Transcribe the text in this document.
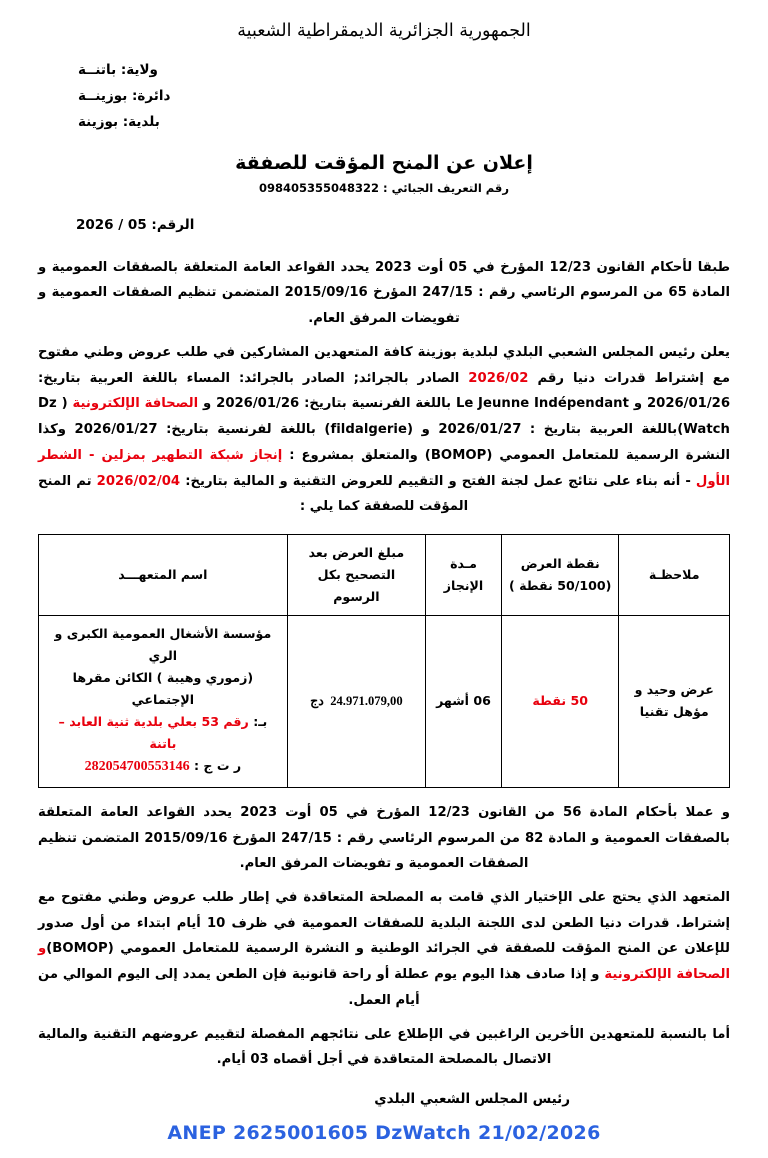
الجمهورية الجزائرية الديمقراطية الشعبية
ولاية: باتنــة
دائرة: بوزينــة
بلدية: بوزينة
إعلان عن المنح المؤقت للصفقة
رقم التعريف الجبائي : 098405355048322
الرقم: 05 / 2026

طبقا لأحكام القانون 12/23 المؤرخ في 05 أوت 2023 يحدد القواعد العامة المتعلقة بالصفقات العمومية و المادة 65 من المرسوم الرئاسي رقم : 247/15 المؤرخ 2015/09/16 المتضمن تنظيم الصفقات العمومية و تفويضات المرفق العام.

يعلن رئيس المجلس الشعبي البلدي لبلدية بوزينة كافة المتعهدين المشاركين في طلب عروض وطني مفتوح مع إشتراط قدرات دنيا رقم 2026/02 الصادر بالجرائد; الصادر بالجرائد: المساء باللغة العربية بتاريخ: 2026/01/26 و Le Jeunne Indépendant باللغة الفرنسية بتاريخ: 2026/01/26 و الصحافة الإلكترونية ( Dz Watch)باللغة العربية بتاريخ : 2026/01/27 و (fildalgerie) باللغة لفرنسية بتاريخ: 2026/01/27 وكذا النشرة الرسمية للمتعامل العمومي (BOMOP) والمتعلق بمشروع : إنجاز شبكة التطهير بمزلين - الشطر الأول - أنه بناء على نتائج عمل لجنة الفتح و التقييم للعروض التقنية و المالية بتاريخ: 2026/02/04 تم المنح المؤقت للصفقة كما يلي :

ملاحظـة	نقطة العرض (50/100 نقطة )	مـدة الإنجاز	مبلغ العرض بعد التصحيح بكل الرسوم	اسم المتعهـــد
عرض وحيد و مؤهل تقنيا	50 نقطة	06 أشهر	24.971.079,00  دج	مؤسسة الأشغال العمومية الكبرى و الري
(زموري وهيبة ) الكائن مقرها الإجتماعي
بـ: رقم 53 بعلي بلدية ثنية العابد – باتنة
ر ت ج : 282054700553146

و عملا بأحكام المادة 56 من القانون 12/23 المؤرخ في 05 أوت 2023 يحدد القواعد العامة المتعلقة بالصفقات العمومية و المادة 82 من المرسوم الرئاسي رقم : 247/15 المؤرخ 2015/09/16 المتضمن تنظيم الصفقات العمومية و تفويضات المرفق العام.

المتعهد الذي يحتج على الإختيار الذي قامت به المصلحة المتعاقدة في إطار طلب عروض وطني مفتوح مع إشتراط. قدرات دنيا الطعن لدى اللجنة البلدية للصفقات العمومية في ظرف 10 أيام ابتداء من أول صدور للإعلان عن المنح المؤقت للصفقة في الجرائد الوطنية و النشرة الرسمية للمتعامل العمومي (BOMOP)و الصحافة الإلكترونية و إذا صادف هذا اليوم يوم عطلة أو راحة قانونية فإن الطعن يمدد إلى اليوم الموالي من أيام العمل.

أما بالنسبة للمتعهدين الأخرين الراغبين في الإطلاع على نتائجهم المفصلة لتقييم عروضهم التقنية والمالية الاتصال بالمصلحة المتعاقدة في أجل أقصاه 03 أيام.

رئيس المجلس الشعبي البلدي
ANEP 2625001605 DzWatch 21/02/2026
